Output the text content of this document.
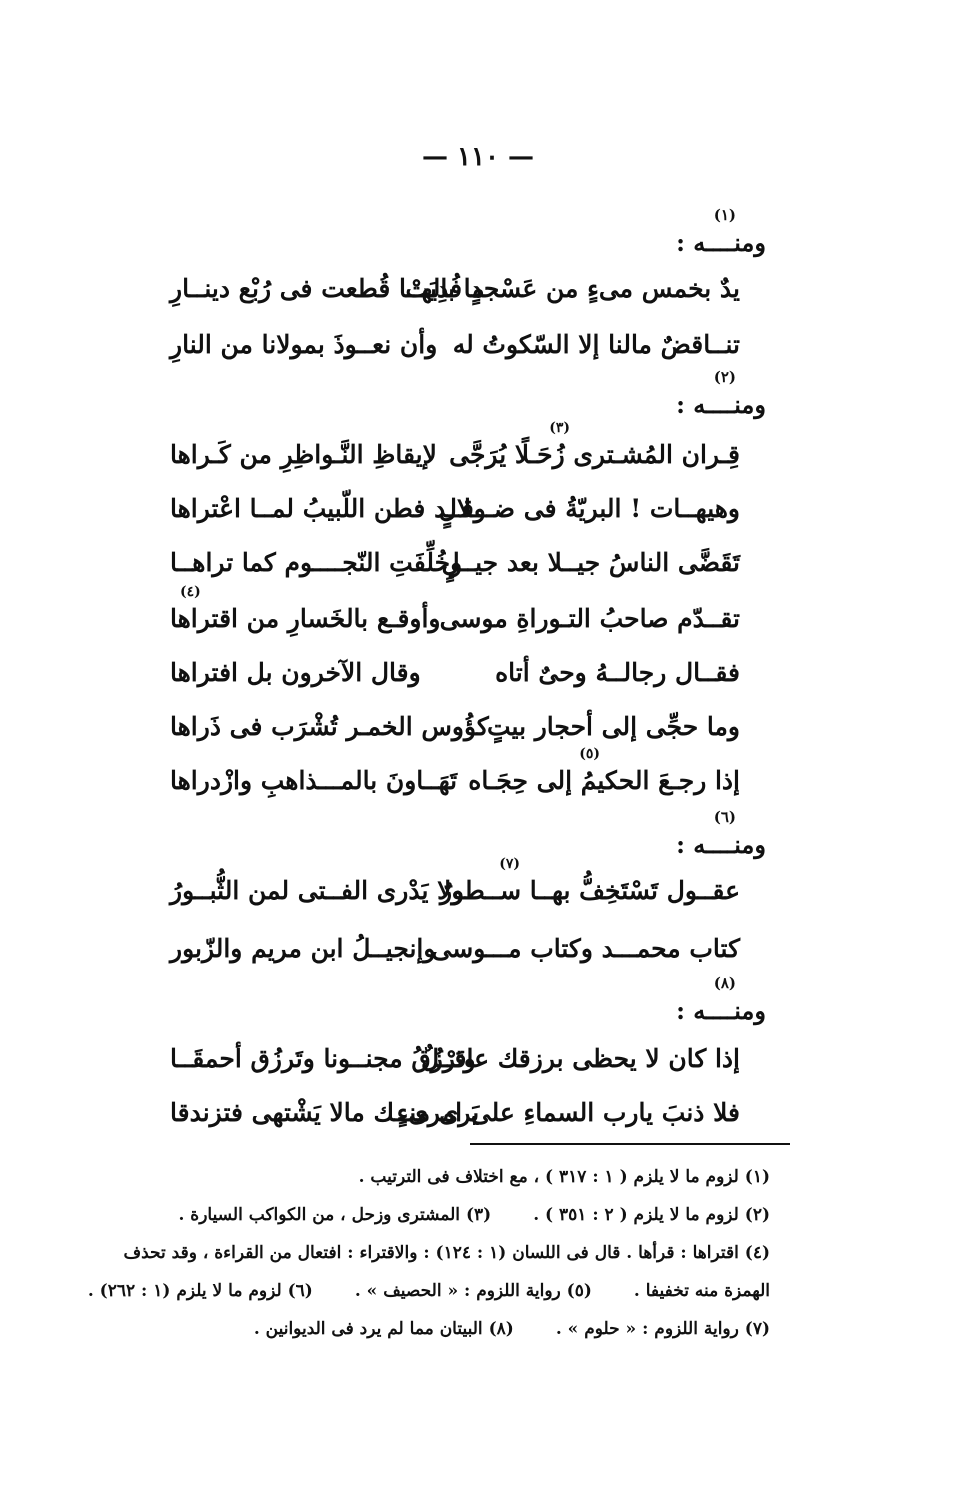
— ١١٠ —
ومنــــه :
(١)
يدٌ بخمس مىءٍ من عَسْجدٍ فُدِيَتْ
ما بالهــا قُطعت فى رُبْع دينــارِ
تنــاقضٌ مالنا إلا السّكوتُ له
وأن نعــوذَ بمولانا من النارِ
ومنــــه :
(٢)
قِـران المُشـترى زُحَـلًا يُرَجَّى
(٣)
لإيقاظِ النَّـواظِرِ من كَـراها
وهيهــات ! البريّةُ فى ضـــلالٍ
وقــد فطن اللّبيبُ لمــا اعْتراها
تَقَضَّى الناسُ جيــلا بعد جيــلٍ
وخُلِّفَتِ النّجــــوم كما تراهــا
تقــدّم صاحبُ التـوراةِ موسى
وأوقـع بالخَسارِ من اقتراها
(٤)
فقــال رجالــهُ وحىٌ أتاه
وقال الآخرون بل افتراها
وما حجِّى إلى أحجار بيتٍ
كؤُوس الخمـر تُشْرَب فى ذَراها
إذا رجـعَ الحكيمُ إلى حِجَـاه
(٥)
تَهَــاونَ بالمـــذاهبِ وازْدراها
ومنــــه :
(٦)
عقــول تَسْتَخِفُّ بهــا ســطورٌ
(٧)
ولا يَدْرى الفــتى لمن الثُّبــورُ
كتاب محمـــد وكتاب مـــوسى
وإنجيــلُ ابن مريم والزّبور
ومنــــه :
(٨)
إذا كان لا يحظى برزقك عاقــلٌ
وتَرْزُقُ مجنــونا وتَرزُق أحمقَــا
فلا ذنبَ يارب السماءِ على امرىءٍ
يَرى منــك مالا يَشْتهى فتزندقا
(١) لزوم ما لا يلزم ( ١ : ٣١٧ ) ، مع اختلاف فى الترتيب .
(٢) لزوم ما لا يلزم ( ٢ : ٣٥١ ) .(٣) المشترى وزحل ، من الكواكب السيارة .
(٤) اقتراها : قرأها . قال فى اللسان (١ : ١٢٤) : والاقتراء : افتعال من القراءة ، وقد تحذف
الهمزة منه تخفيفا .(٥) رواية اللزوم : « الحصيف » .(٦) لزوم ما لا يلزم (١ : ٢٦٢) .
(٧) رواية اللزوم : « حلوم » .(٨) البيتان مما لم يرد فى الديوانين .
